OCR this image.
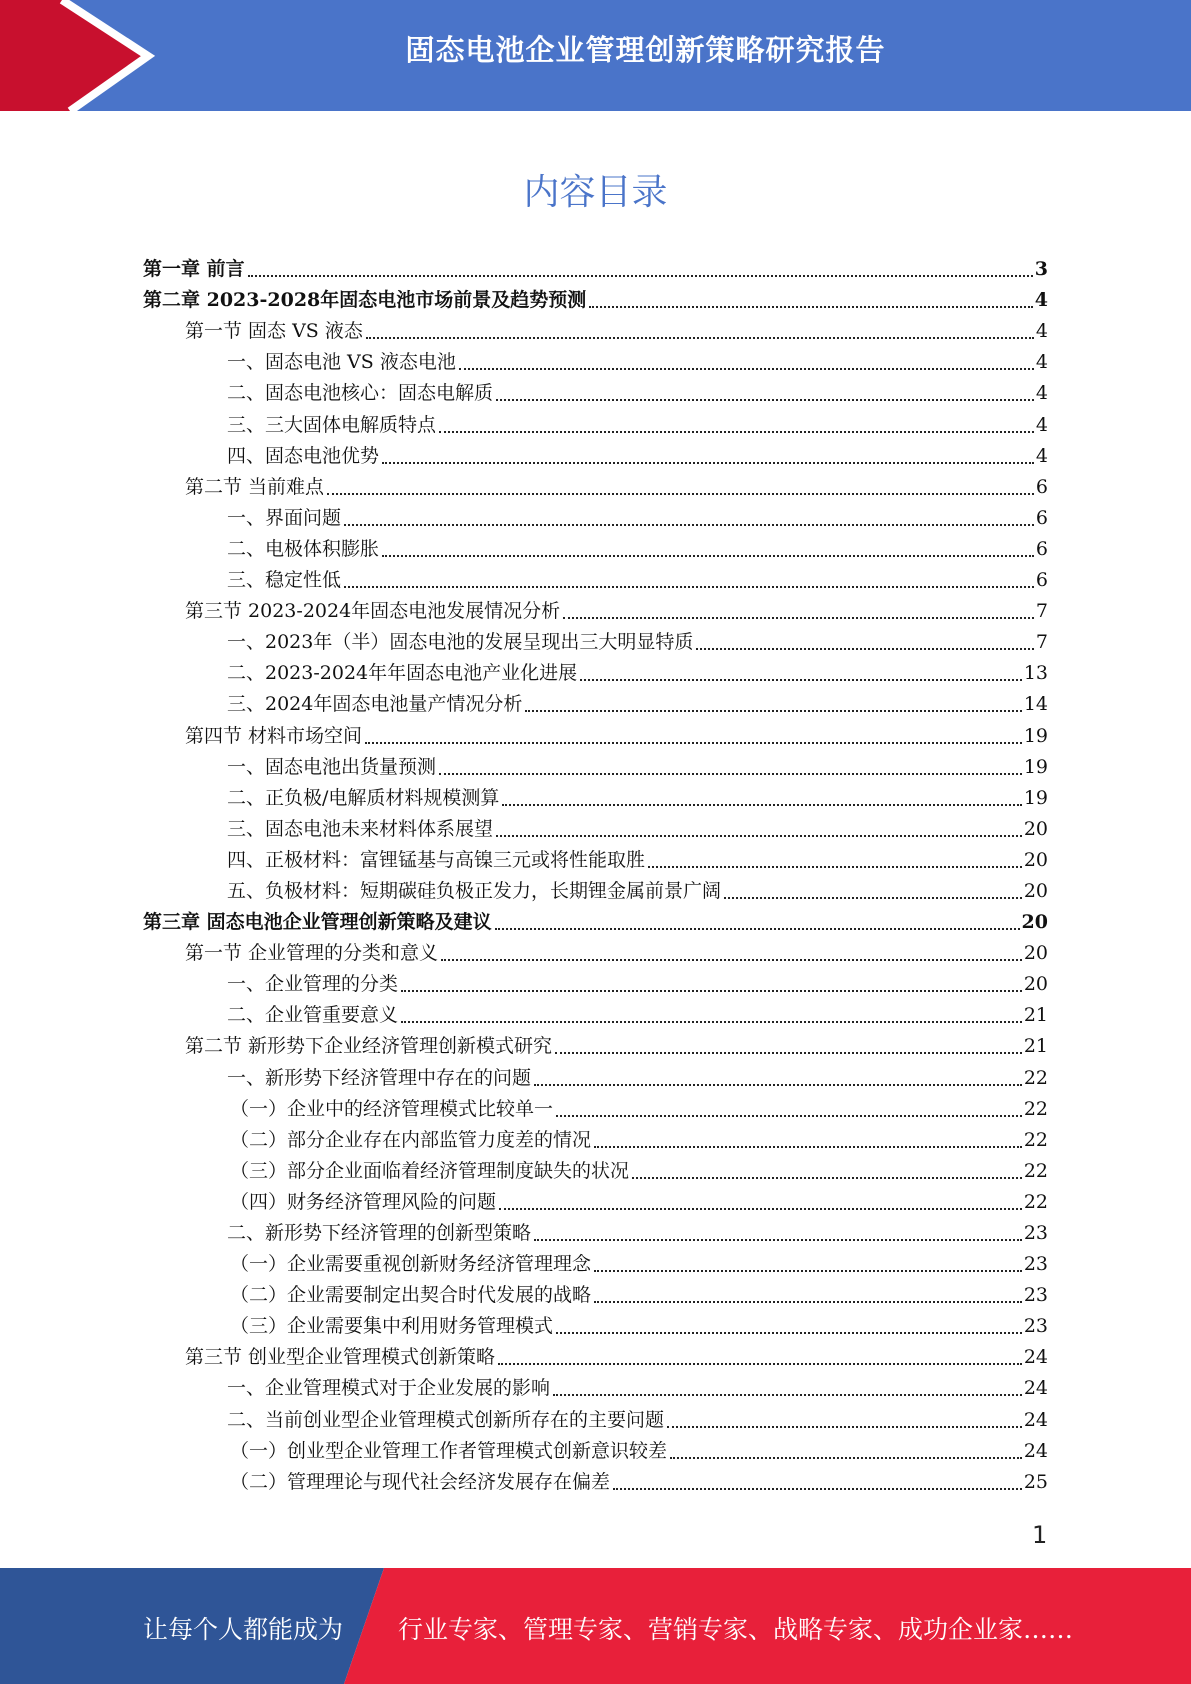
固态电池企业管理创新策略研究报告
内容目录
第一章 前言	3
第二章 2023-2028年固态电池市场前景及趋势预测	4
第一节 固态 VS 液态	4
一、固态电池 VS 液态电池	4
二、固态电池核心：固态电解质	4
三、三大固体电解质特点	4
四、固态电池优势	4
第二节 当前难点	6
一、界面问题	6
二、电极体积膨胀	6
三、稳定性低	6
第三节 2023-2024年固态电池发展情况分析	7
一、2023年（半）固态电池的发展呈现出三大明显特质	7
二、2023-2024年年固态电池产业化进展	13
三、2024年固态电池量产情况分析	14
第四节 材料市场空间	19
一、固态电池出货量预测	19
二、正负极/电解质材料规模测算	19
三、固态电池未来材料体系展望	20
四、正极材料：富锂锰基与高镍三元或将性能取胜	20
五、负极材料：短期碳硅负极正发力，长期锂金属前景广阔	20
第三章 固态电池企业管理创新策略及建议	20
第一节 企业管理的分类和意义	20
一、企业管理的分类	20
二、企业管重要意义	21
第二节 新形势下企业经济管理创新模式研究	21
一、新形势下经济管理中存在的问题	22
（一）企业中的经济管理模式比较单一	22
（二）部分企业存在内部监管力度差的情况	22
（三）部分企业面临着经济管理制度缺失的状况	22
（四）财务经济管理风险的问题	22
二、新形势下经济管理的创新型策略	23
（一）企业需要重视创新财务经济管理理念	23
（二）企业需要制定出契合时代发展的战略	23
（三）企业需要集中利用财务管理模式	23
第三节 创业型企业管理模式创新策略	24
一、企业管理模式对于企业发展的影响	24
二、当前创业型企业管理模式创新所存在的主要问题	24
（一）创业型企业管理工作者管理模式创新意识较差	24
（二）管理理论与现代社会经济发展存在偏差	25
1
让每个人都能成为 行业专家、管理专家、营销专家、战略专家、成功企业家……
